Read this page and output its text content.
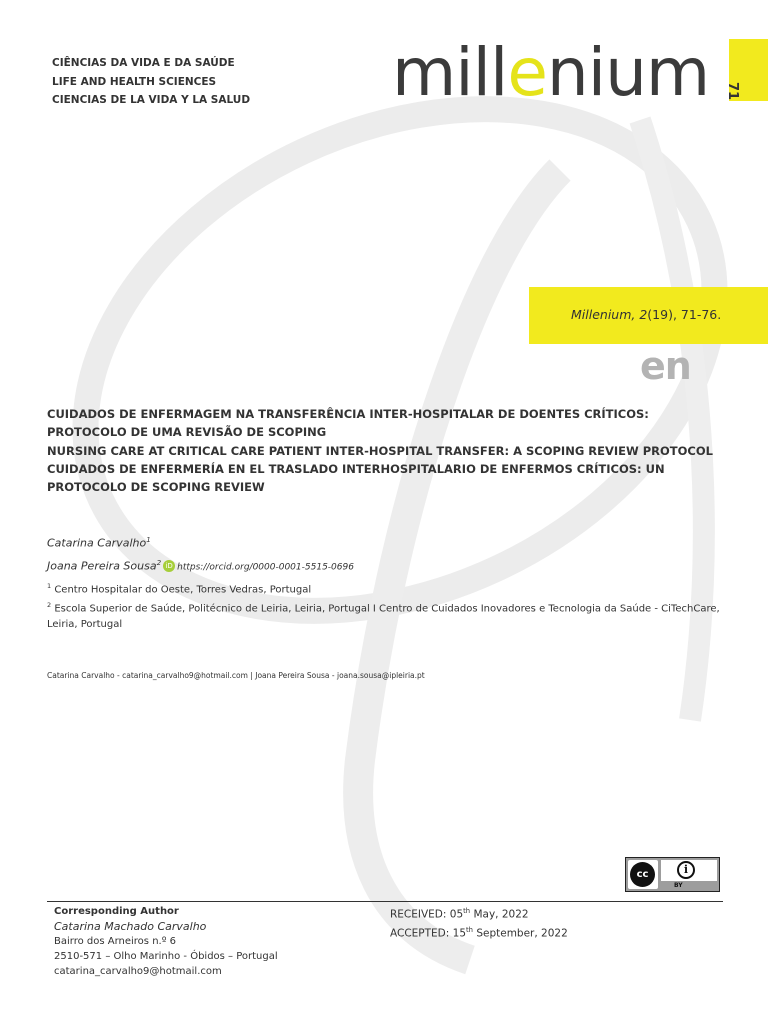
CIÊNCIAS DA VIDA E DA SAÚDE
LIFE AND HEALTH SCIENCES
CIENCIAS DE LA VIDA Y LA SALUD millenium 71
Millenium, 2(19), 71-76.
en
CUIDADOS DE ENFERMAGEM NA TRANSFERÊNCIA INTER-HOSPITALAR DE DOENTES CRÍTICOS: PROTOCOLO DE UMA REVISÃO DE SCOPING
NURSING CARE AT CRITICAL CARE PATIENT INTER-HOSPITAL TRANSFER: A SCOPING REVIEW PROTOCOL
CUIDADOS DE ENFERMERÍA EN EL TRASLADO INTERHOSPITALARIO DE ENFERMOS CRÍTICOS: UN PROTOCOLO DE SCOPING REVIEW
Catarina Carvalho$^1$
Joana Pereira Sousa$^2$ iD https://orcid.org/0000-0001-5515-0696
$^1$ Centro Hospitalar do Oeste, Torres Vedras, Portugal
$^2$ Escola Superior de Saúde, Politécnico de Leiria, Leiria, Portugal I Centro de Cuidados Inovadores e Tecnologia da Saúde - CiTechCare, Leiria, Portugal
Catarina Carvalho - catarina_carvalho9@hotmail.com | Joana Pereira Sousa - joana.sousa@ipleiria.pt
cc	i
BY
Corresponding Author
Catarina Machado Carvalho
Bairro dos Arneiros n.º 6
2510-571 – Olho Marinho - Óbidos – Portugal
catarina_carvalho9@hotmail.com
RECEIVED: 05th May, 2022
ACCEPTED: 15th September, 2022
